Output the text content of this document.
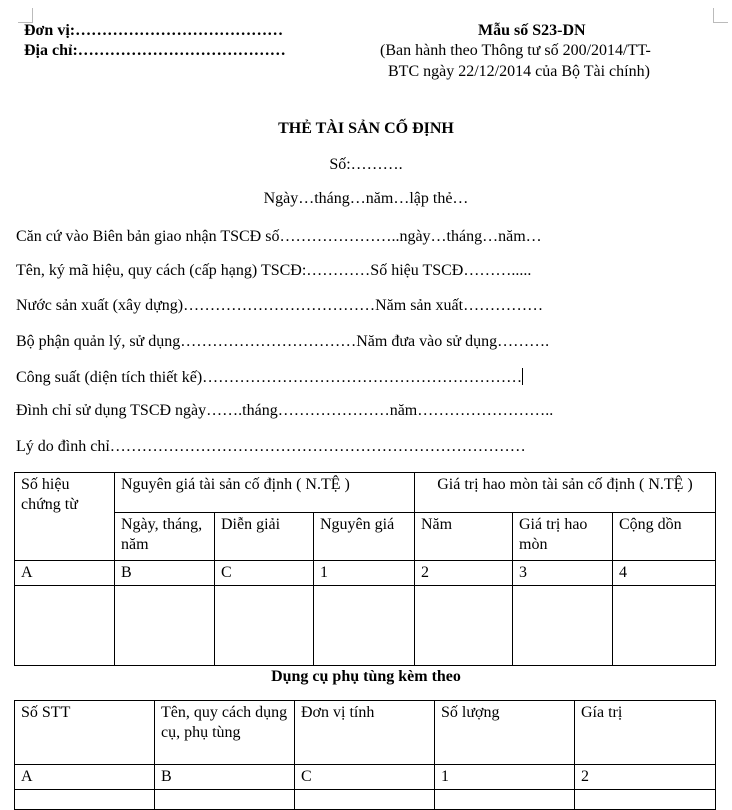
Đơn vị:…………………………………
Địa chỉ:…………………………………
Mẫu số S23-DN
(Ban hành theo Thông tư số 200/2014/TT-
BTC ngày 22/12/2014 của Bộ Tài chính)
THẺ TÀI SẢN CỐ ĐỊNH
Số:……….
Ngày…tháng…năm…lập thẻ…
Căn cứ vào Biên bản giao nhận TSCĐ số…………………..ngày…tháng…năm…
Tên, ký mã hiệu, quy cách (cấp hạng) TSCĐ:…………Số hiệu TSCĐ……….....
Nước sản xuất (xây dựng)………………………………Năm sản xuất……………
Bộ phận quản lý, sử dụng……………………………Năm đưa vào sử dụng……….
Công suất (diện tích thiết kế)……………………………………………………
Đình chỉ sử dụng TSCĐ ngày…….tháng…………………năm……………………..
Lý do đình chỉ……………………………………………………………………
Số hiệu chứng từ	Nguyên giá tài sản cố định ( N.TỆ )			Giá trị hao mòn tài sản cố định ( N.TỆ )		
	Ngày, tháng, năm	Diễn giải	Nguyên giá	Năm	Giá trị hao mòn	Cộng dồn
A	B	C	1	2	3	4

Dụng cụ phụ tùng kèm theo
Số STT	Tên, quy cách dụng cụ, phụ tùng	Đơn vị tính	Số lượng	Gía trị
A	B	C	1	2
